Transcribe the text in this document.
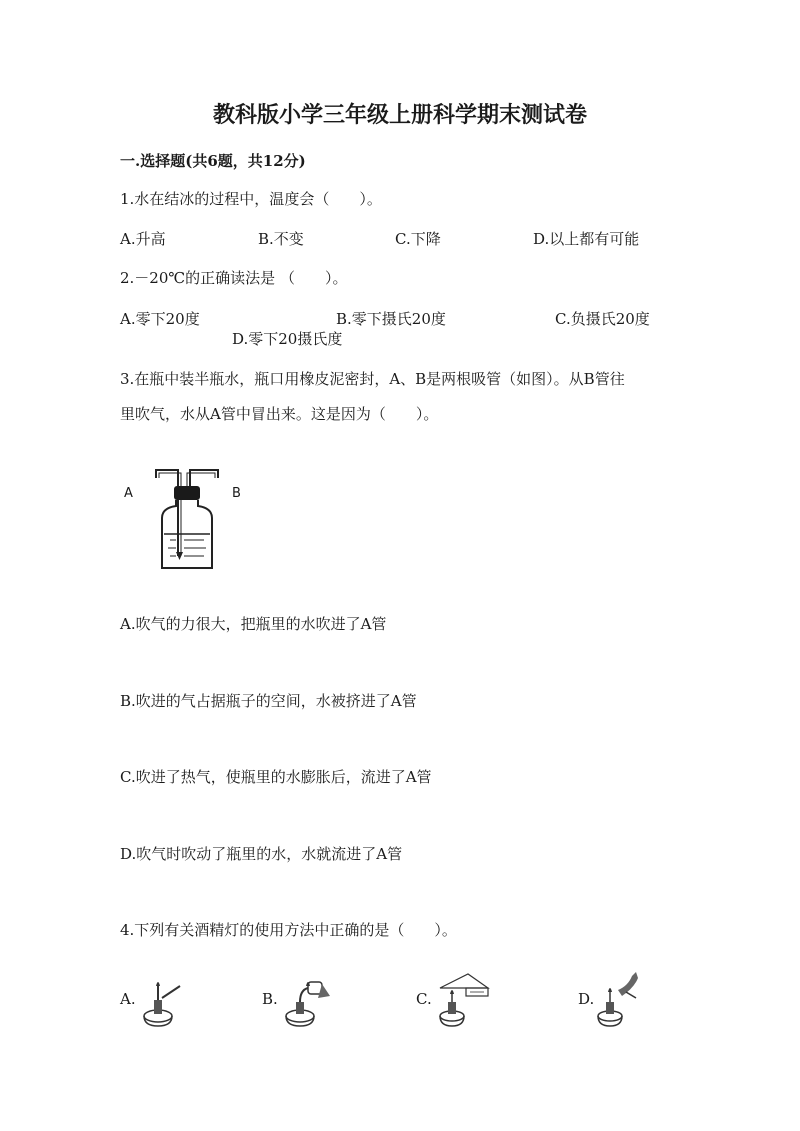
教科版小学三年级上册科学期末测试卷
一.选择题(共6题，共12分)
1.水在结冰的过程中，温度会（　　）。
A.升高	B.不变	C.下降	D.以上都有可能
2.－20℃的正确读法是 （　　）。
A.零下20度	B.零下摄氏20度	C.负摄氏20度
D.零下20摄氏度
3.在瓶中装半瓶水，瓶口用橡皮泥密封，A、B是两根吸管（如图）。从B管往
里吹气，水从A管中冒出来。这是因为（　　）。
A	B
A.吹气的力很大，把瓶里的水吹进了A管
B.吹进的气占据瓶子的空间，水被挤进了A管
C.吹进了热气，使瓶里的水膨胀后，流进了A管
D.吹气时吹动了瓶里的水，水就流进了A管
4.下列有关酒精灯的使用方法中正确的是（　　）。
A.	B.	C.	D.
